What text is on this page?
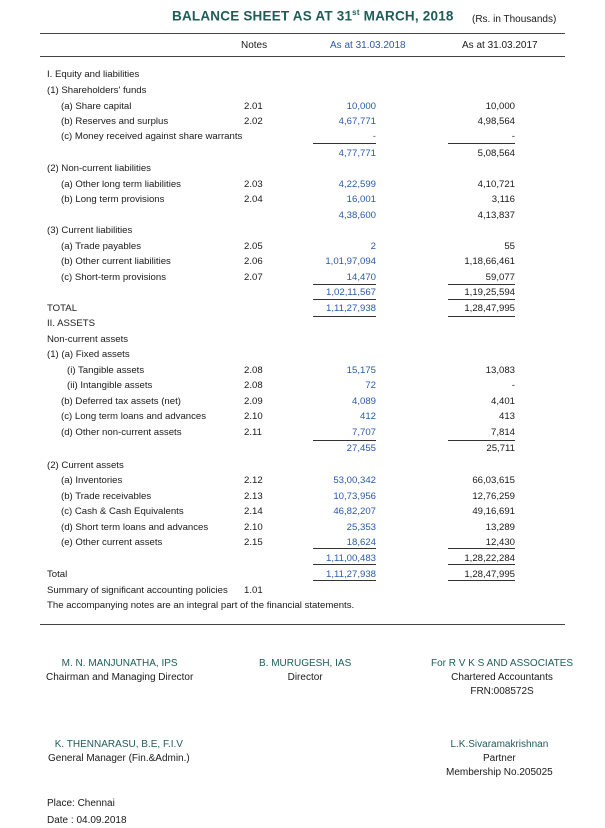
BALANCE SHEET AS AT 31st MARCH, 2018 (Rs. in Thousands)
Notes	As at 31.03.2018	As at 31.03.2017
I. Equity and liabilities
(1) Shareholders' funds
(a) Share capital	2.01	10,000	10,000
(b) Reserves and surplus	2.02	4,67,771	4,98,564
(c) Money received against share warrants	-	-
4,77,771	5,08,564
(2) Non-current liabilities
(a) Other long term liabilities	2.03	4,22,599	4,10,721
(b) Long term provisions	2.04	16,001	3,116
4,38,600	4,13,837
(3) Current liabilities
(a) Trade payables	2.05	2	55
(b) Other current liabilities	2.06	1,01,97,094	1,18,66,461
(c) Short-term provisions	2.07	14,470	59,077
1,02,11,567	1,19,25,594
TOTAL	1,11,27,938	1,28,47,995
II. ASSETS
Non-current assets
(1) (a) Fixed assets
(i) Tangible assets	2.08	15,175	13,083
(ii) Intangible assets	2.08	72	-
(b) Deferred tax assets (net)	2.09	4,089	4,401
(c) Long term loans and advances	2.10	412	413
(d) Other non-current assets	2.11	7,707	7,814
27,455	25,711
(2) Current assets
(a) Inventories	2.12	53,00,342	66,03,615
(b) Trade receivables	2.13	10,73,956	12,76,259
(c) Cash & Cash Equivalents	2.14	46,82,207	49,16,691
(d) Short term loans and advances	2.10	25,353	13,289
(e) Other current assets	2.15	18,624	12,430
1,11,00,483	1,28,22,284
Total	1,11,27,938	1,28,47,995
Summary of significant accounting policies 1.01
The accompanying notes are an integral part of the financial statements.
M. N. MANJUNATHA, IPS
Chairman and Managing Director
B. MURUGESH, IAS
Director
For R V K S AND ASSOCIATES
Chartered Accountants
FRN:008572S
K. THENNARASU, B.E, F.I.V
General Manager (Fin.&Admin.)
L.K.Sivaramakrishnan
Partner
Membership No.205025
Place: Chennai
Date : 04.09.2018
